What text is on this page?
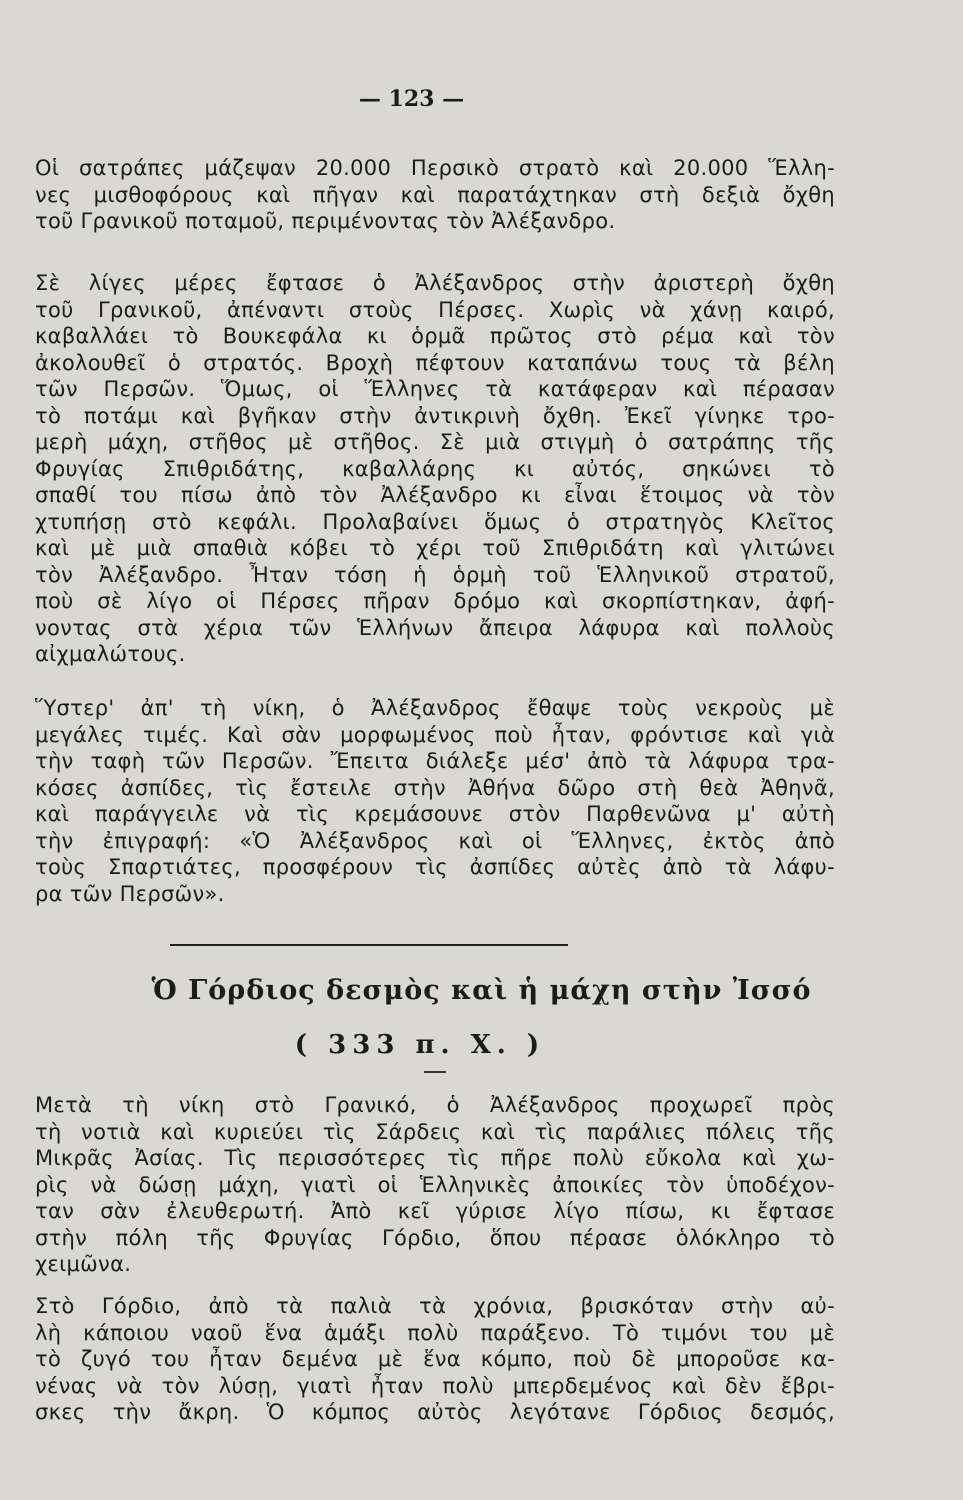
— 123 —

Οἱ σατράπες μάζεψαν 20.000 Περσικὸ στρατὸ καὶ 20.000 Ἕλλη-
νες μισθοφόρους καὶ πῆγαν καὶ παρατάχτηκαν στὴ δεξιὰ ὄχθη
τοῦ Γρανικοῦ ποταμοῦ, περιμένοντας τὸν Ἀλέξανδρο.

Σὲ λίγες μέρες ἔφτασε ὁ Ἀλέξανδρος στὴν ἀριστερὴ ὄχθη
τοῦ Γρανικοῦ, ἀπέναντι στοὺς Πέρσες. Χωρὶς νὰ χάνῃ καιρό,
καβαλλάει τὸ Βουκεφάλα κι ὁρμᾶ πρῶτος στὸ ρέμα καὶ τὸν
ἀκολουθεῖ ὁ στρατός. Βροχὴ πέφτουν καταπάνω τους τὰ βέλη
τῶν Περσῶν. Ὅμως, οἱ Ἕλληνες τὰ κατάφεραν καὶ πέρασαν
τὸ ποτάμι καὶ βγῆκαν στὴν ἀντικρινὴ ὄχθη. Ἐκεῖ γίνηκε τρο-
μερὴ μάχη, στῆθος μὲ στῆθος. Σὲ μιὰ στιγμὴ ὁ σατράπης τῆς
Φρυγίας Σπιθριδάτης, καβαλλάρης κι αὐτός, σηκώνει τὸ
σπαθί του πίσω ἀπὸ τὸν Ἀλέξανδρο κι εἶναι ἕτοιμος νὰ τὸν
χτυπήσῃ στὸ κεφάλι. Προλαβαίνει ὅμως ὁ στρατηγὸς Κλεῖτος
καὶ μὲ μιὰ σπαθιὰ κόβει τὸ χέρι τοῦ Σπιθριδάτη καὶ γλιτώνει
τὸν Ἀλέξανδρο. Ἦταν τόση ἡ ὁρμὴ τοῦ Ἑλληνικοῦ στρατοῦ,
ποὺ σὲ λίγο οἱ Πέρσες πῆραν δρόμο καὶ σκορπίστηκαν, ἀφή-
νοντας στὰ χέρια τῶν Ἑλλήνων ἄπειρα λάφυρα καὶ πολλοὺς
αἰχμαλώτους.

Ὕστερ' ἀπ' τὴ νίκη, ὁ Ἀλέξανδρος ἔθαψε τοὺς νεκροὺς μὲ
μεγάλες τιμές. Καὶ σὰν μορφωμένος ποὺ ἦταν, φρόντισε καὶ γιὰ
τὴν ταφὴ τῶν Περσῶν. Ἔπειτα διάλεξε μέσ' ἀπὸ τὰ λάφυρα τρα-
κόσες ἀσπίδες, τὶς ἔστειλε στὴν Ἀθήνα δῶρο στὴ θεὰ Ἀθηνᾶ,
καὶ παράγγειλε νὰ τὶς κρεμάσουνε στὸν Παρθενῶνα μ' αὐτὴ
τὴν ἐπιγραφή: «Ὁ Ἀλέξανδρος καὶ οἱ Ἕλληνες, ἐκτὸς ἀπὸ
τοὺς Σπαρτιάτες, προσφέρουν τὶς ἀσπίδες αὐτὲς ἀπὸ τὰ λάφυ-
ρα τῶν Περσῶν».

Ὁ Γόρδιος δεσμὸς καὶ ἡ μάχη στὴν Ἰσσό
( 333 π. Χ. )

Μετὰ τὴ νίκη στὸ Γρανικό, ὁ Ἀλέξανδρος προχωρεῖ πρὸς
τὴ νοτιὰ καὶ κυριεύει τὶς Σάρδεις καὶ τὶς παράλιες πόλεις τῆς
Μικρᾶς Ἀσίας. Τὶς περισσότερες τὶς πῆρε πολὺ εὔκολα καὶ χω-
ρὶς νὰ δώσῃ μάχη, γιατὶ οἱ Ἑλληνικὲς ἀποικίες τὸν ὑποδέχον-
ταν σὰν ἐλευθερωτή. Ἀπὸ κεῖ γύρισε λίγο πίσω, κι ἔφτασε
στὴν πόλη τῆς Φρυγίας Γόρδιο, ὅπου πέρασε ὁλόκληρο τὸ
χειμῶνα.

Στὸ Γόρδιο, ἀπὸ τὰ παλιὰ τὰ χρόνια, βρισκόταν στὴν αὐ-
λὴ κάποιου ναοῦ ἕνα ἁμάξι πολὺ παράξενο. Τὸ τιμόνι του μὲ
τὸ ζυγό του ἦταν δεμένα μὲ ἕνα κόμπο, ποὺ δὲ μποροῦσε κα-
νένας νὰ τὸν λύσῃ, γιατὶ ἦταν πολὺ μπερδεμένος καὶ δὲν ἔβρι-
σκες τὴν ἄκρη. Ὁ κόμπος αὐτὸς λεγότανε Γόρδιος δεσμός,
